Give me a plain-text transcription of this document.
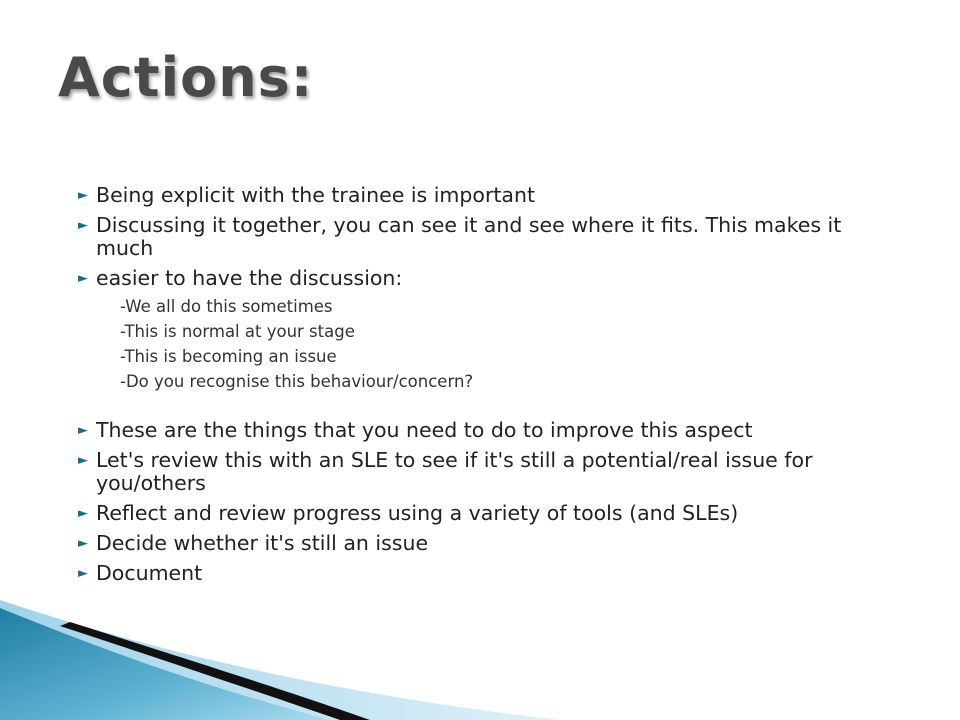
Actions:

► Being explicit with the trainee is important

► Discussing it together, you can see it and see where it fits. This makes it much

► easier to have the discussion:

-We all do this sometimes

-This is normal at your stage

-This is becoming an issue

-Do you recognise this behaviour/concern?

► These are the things that you need to do to improve this aspect

► Let's review this with an SLE to see if it's still a potential/real issue for you/others

► Reflect and review progress using a variety of tools (and SLEs)

► Decide whether it's still an issue

► Document
